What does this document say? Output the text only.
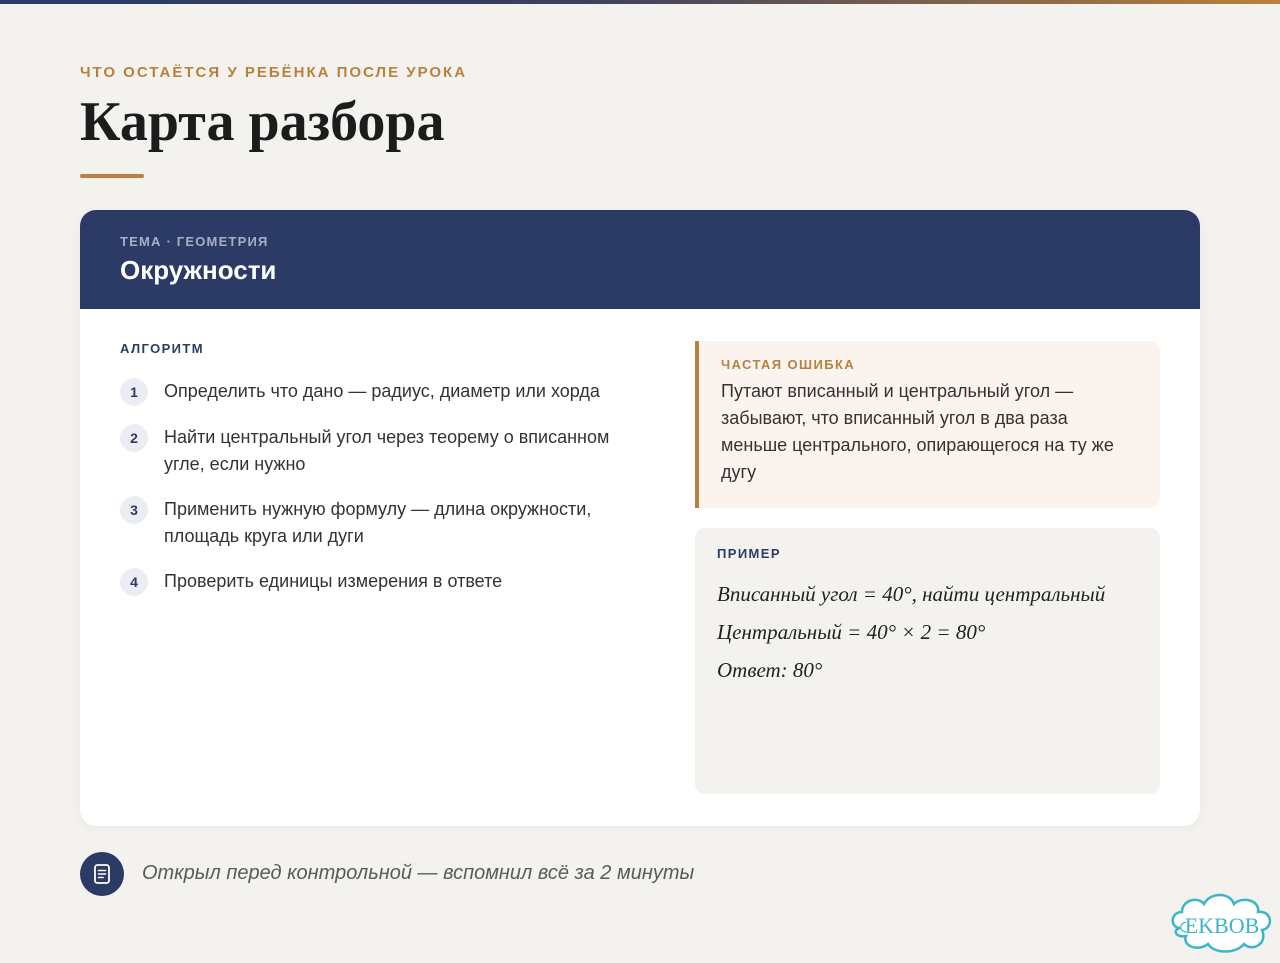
ЧТО ОСТАЁТСЯ У РЕБЁНКА ПОСЛЕ УРОКА
Карта разбора
ТЕМА · ГЕОМЕТРИЯ
Окружности
АЛГОРИТМ
1	Определить что дано — радиус, диаметр или хорда
2	Найти центральный угол через теорему о вписанном угле, если нужно
3	Применить нужную формулу — длина окружности, площадь круга или дуги
4	Проверить единицы измерения в ответе
ЧАСТАЯ ОШИБКА
Путают вписанный и центральный угол — забывают, что вписанный угол в два раза меньше центрального, опирающегося на ту же дугу
ПРИМЕР
Вписанный угол = 40°, найти центральный
Центральный = 40° × 2 = 80°
Ответ: 80°
Открыл перед контрольной — вспомнил всё за 2 минуты
EKBOB
